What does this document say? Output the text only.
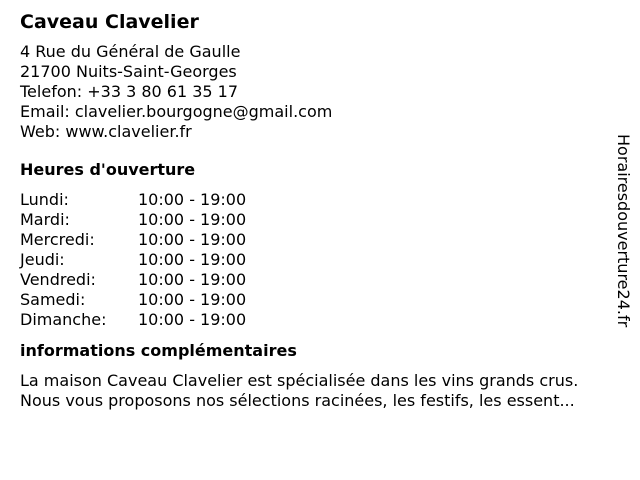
Caveau Clavelier
4 Rue du Général de Gaulle
21700 Nuits-Saint-Georges
Telefon: +33 3 80 61 35 17
Email: clavelier.bourgogne@gmail.com
Web: www.clavelier.fr
Heures d'ouverture
Lundi:	10:00 - 19:00
Mardi:	10:00 - 19:00
Mercredi:	10:00 - 19:00
Jeudi:	10:00 - 19:00
Vendredi:	10:00 - 19:00
Samedi:	10:00 - 19:00
Dimanche:	10:00 - 19:00
informations complémentaires
La maison Caveau Clavelier est spécialisée dans les vins grands crus.
Nous vous proposons nos sélections racinées, les festifs, les essent...
Horairesdouverture24.fr
